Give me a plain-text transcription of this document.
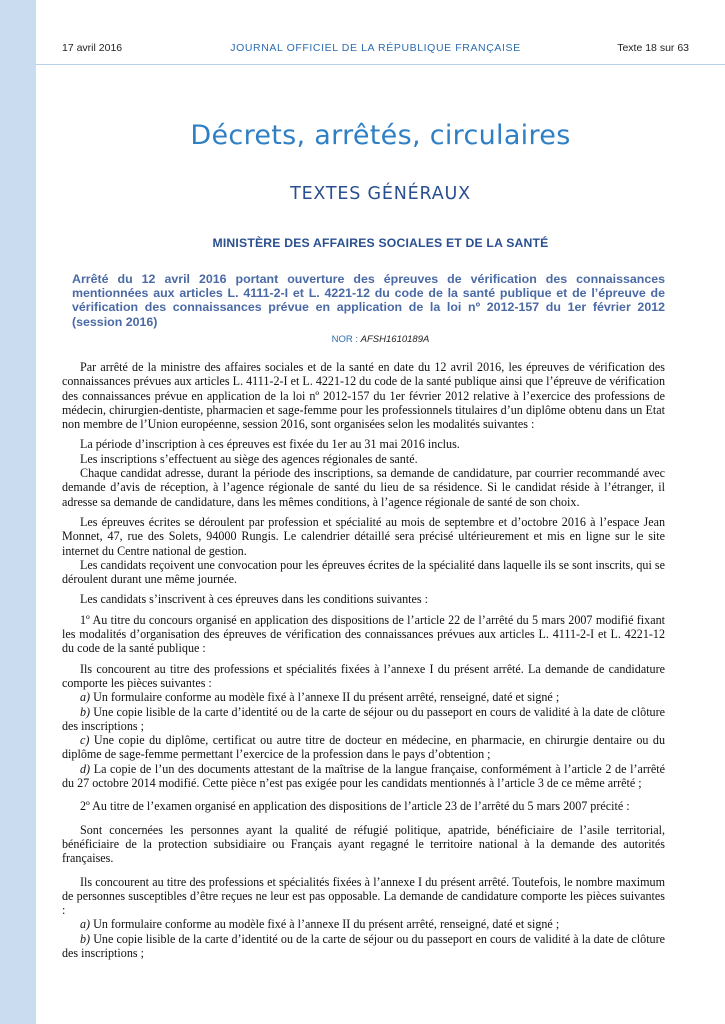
17 avril 2016	JOURNAL OFFICIEL DE LA RÉPUBLIQUE FRANÇAISE	Texte 18 sur 63
Décrets, arrêtés, circulaires
TEXTES GÉNÉRAUX
MINISTÈRE DES AFFAIRES SOCIALES ET DE LA SANTÉ
Arrêté du 12 avril 2016 portant ouverture des épreuves de vérification des connaissances mentionnées aux articles L. 4111-2-I et L. 4221-12 du code de la santé publique et de l’épreuve de vérification des connaissances prévue en application de la loi nº 2012-157 du 1er février 2012 (session 2016)
NOR : AFSH1610189A

Par arrêté de la ministre des affaires sociales et de la santé en date du 12 avril 2016, les épreuves de vérification des connaissances prévues aux articles L. 4111-2-I et L. 4221-12 du code de la santé publique ainsi que l’épreuve de vérification des connaissances prévue en application de la loi nº 2012-157 du 1er février 2012 relative à l’exercice des professions de médecin, chirurgien-dentiste, pharmacien et sage-femme pour les professionnels titulaires d’un diplôme obtenu dans un Etat non membre de l’Union européenne, session 2016, sont organisées selon les modalités suivantes :

La période d’inscription à ces épreuves est fixée du 1er au 31 mai 2016 inclus.

Les inscriptions s’effectuent au siège des agences régionales de santé.

Chaque candidat adresse, durant la période des inscriptions, sa demande de candidature, par courrier recommandé avec demande d’avis de réception, à l’agence régionale de santé du lieu de sa résidence. Si le candidat réside à l’étranger, il adresse sa demande de candidature, dans les mêmes conditions, à l’agence régionale de santé de son choix.

Les épreuves écrites se déroulent par profession et spécialité au mois de septembre et d’octobre 2016 à l’espace Jean Monnet, 47, rue des Solets, 94000 Rungis. Le calendrier détaillé sera précisé ultérieurement et mis en ligne sur le site internet du Centre national de gestion.

Les candidats reçoivent une convocation pour les épreuves écrites de la spécialité dans laquelle ils se sont inscrits, qui se déroulent durant une même journée.

Les candidats s’inscrivent à ces épreuves dans les conditions suivantes :

1º Au titre du concours organisé en application des dispositions de l’article 22 de l’arrêté du 5 mars 2007 modifié fixant les modalités d’organisation des épreuves de vérification des connaissances prévues aux articles L. 4111-2-I et L. 4221-12 du code de la santé publique :

Ils concourent au titre des professions et spécialités fixées à l’annexe I du présent arrêté. La demande de candidature comporte les pièces suivantes :

a) Un formulaire conforme au modèle fixé à l’annexe II du présent arrêté, renseigné, daté et signé ;

b) Une copie lisible de la carte d’identité ou de la carte de séjour ou du passeport en cours de validité à la date de clôture des inscriptions ;

c) Une copie du diplôme, certificat ou autre titre de docteur en médecine, en pharmacie, en chirurgie dentaire ou du diplôme de sage-femme permettant l’exercice de la profession dans le pays d’obtention ;

d) La copie de l’un des documents attestant de la maîtrise de la langue française, conformément à l’article 2 de l’arrêté du 27 octobre 2014 modifié. Cette pièce n’est pas exigée pour les candidats mentionnés à l’article 3 de ce même arrêté ;

2º Au titre de l’examen organisé en application des dispositions de l’article 23 de l’arrêté du 5 mars 2007 précité :

Sont concernées les personnes ayant la qualité de réfugié politique, apatride, bénéficiaire de l’asile territorial, bénéficiaire de la protection subsidiaire ou Français ayant regagné le territoire national à la demande des autorités françaises.

Ils concourent au titre des professions et spécialités fixées à l’annexe I du présent arrêté. Toutefois, le nombre maximum de personnes susceptibles d’être reçues ne leur est pas opposable. La demande de candidature comporte les pièces suivantes :

a) Un formulaire conforme au modèle fixé à l’annexe II du présent arrêté, renseigné, daté et signé ;

b) Une copie lisible de la carte d’identité ou de la carte de séjour ou du passeport en cours de validité à la date de clôture des inscriptions ;
